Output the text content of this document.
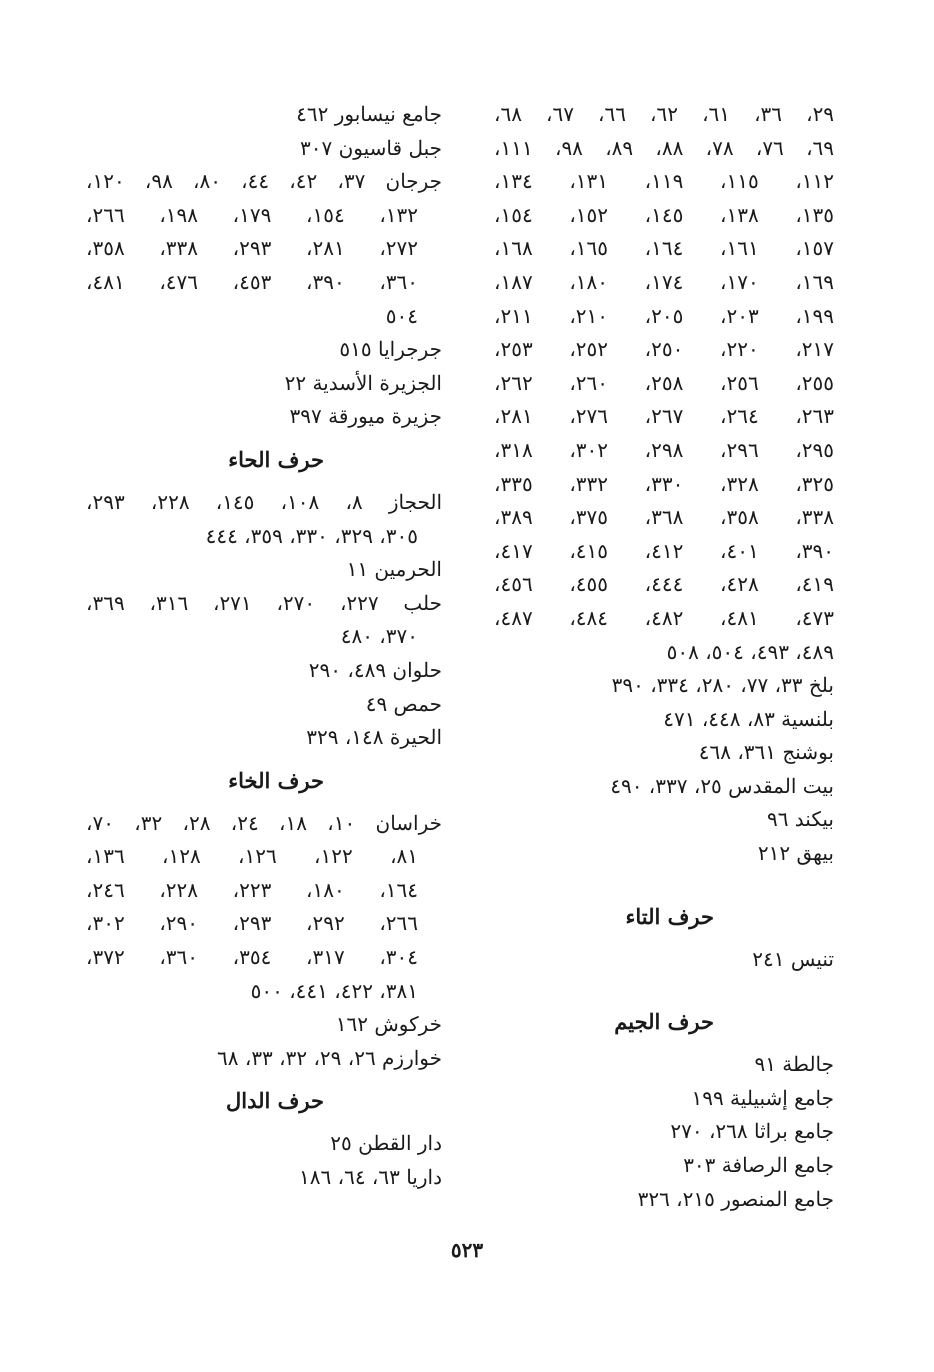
٢٩، ٣٦، ٦١، ٦٢، ٦٦، ٦٧، ٦٨،
٦٩، ٧٦، ٧٨، ٨٨، ٨٩، ٩٨، ١١١،
١١٢، ١١٥، ١١٩، ١٣١، ١٣٤،
١٣٥، ١٣٨، ١٤٥، ١٥٢، ١٥٤،
١٥٧، ١٦١، ١٦٤، ١٦٥، ١٦٨،
١٦٩، ١٧٠، ١٧٤، ١٨٠، ١٨٧،
١٩٩، ٢٠٣، ٢٠٥، ٢١٠، ٢١١،
٢١٧، ٢٢٠، ٢٥٠، ٢٥٢، ٢٥٣،
٢٥٥، ٢٥٦، ٢٥٨، ٢٦٠، ٢٦٢،
٢٦٣، ٢٦٤، ٢٦٧، ٢٧٦، ٢٨١،
٢٩٥، ٢٩٦، ٢٩٨، ٣٠٢، ٣١٨،
٣٢٥، ٣٢٨، ٣٣٠، ٣٣٢، ٣٣٥،
٣٣٨، ٣٥٨، ٣٦٨، ٣٧٥، ٣٨٩،
٣٩٠، ٤٠١، ٤١٢، ٤١٥، ٤١٧،
٤١٩، ٤٢٨، ٤٤٤، ٤٥٥، ٤٥٦،
٤٧٣، ٤٨١، ٤٨٢، ٤٨٤، ٤٨٧،
٤٨٩، ٤٩٣، ٥٠٤، ٥٠٨
بلخ ٣٣، ٧٧، ٢٨٠، ٣٣٤، ٣٩٠
بلنسية ٨٣، ٤٤٨، ٤٧١
بوشنج ٣٦١، ٤٦٨
بيت المقدس ٢٥، ٣٣٧، ٤٩٠
بيكند ٩٦
بيهق ٢١٢
حرف التاء
تنيس ٢٤١
حرف الجيم
جالطة ٩١
جامع إشبيلية ١٩٩
جامع براثا ٢٦٨، ٢٧٠
جامع الرصافة ٣٠٣
جامع المنصور ٢١٥، ٣٢٦
جامع نيسابور ٤٦٢
جبل قاسيون ٣٠٧
جرجان ٣٧، ٤٢، ٤٤، ٨٠، ٩٨، ١٢٠،
١٣٢، ١٥٤، ١٧٩، ١٩٨، ٢٦٦،
٢٧٢، ٢٨١، ٢٩٣، ٣٣٨، ٣٥٨،
٣٦٠، ٣٩٠، ٤٥٣، ٤٧٦، ٤٨١،
٥٠٤
جرجرايا ٥١٥
الجزيرة الأسدية ٢٢
جزيرة ميورقة ٣٩٧
حرف الحاء
الحجاز ٨، ١٠٨، ١٤٥، ٢٢٨، ٢٩٣،
٣٠٥، ٣٢٩، ٣٣٠، ٣٥٩، ٤٤٤
الحرمين ١١
حلب ٢٢٧، ٢٧٠، ٢٧١، ٣١٦، ٣٦٩،
٣٧٠، ٤٨٠
حلوان ٤٨٩، ٢٩٠
حمص ٤٩
الحيرة ١٤٨، ٣٢٩
حرف الخاء
خراسان ١٠، ١٨، ٢٤، ٢٨، ٣٢، ٧٠،
٨١، ١٢٢، ١٢٦، ١٢٨، ١٣٦،
١٦٤، ١٨٠، ٢٢٣، ٢٢٨، ٢٤٦،
٢٦٦، ٢٩٢، ٢٩٣، ٢٩٠، ٣٠٢،
٣٠٤، ٣١٧، ٣٥٤، ٣٦٠، ٣٧٢،
٣٨١، ٤٢٢، ٤٤١، ٥٠٠
خركوش ١٦٢
خوارزم ٢٦، ٢٩، ٣٢، ٣٣، ٦٨
حرف الدال
دار القطن ٢٥
داريا ٦٣، ٦٤، ١٨٦
٥٢٣
